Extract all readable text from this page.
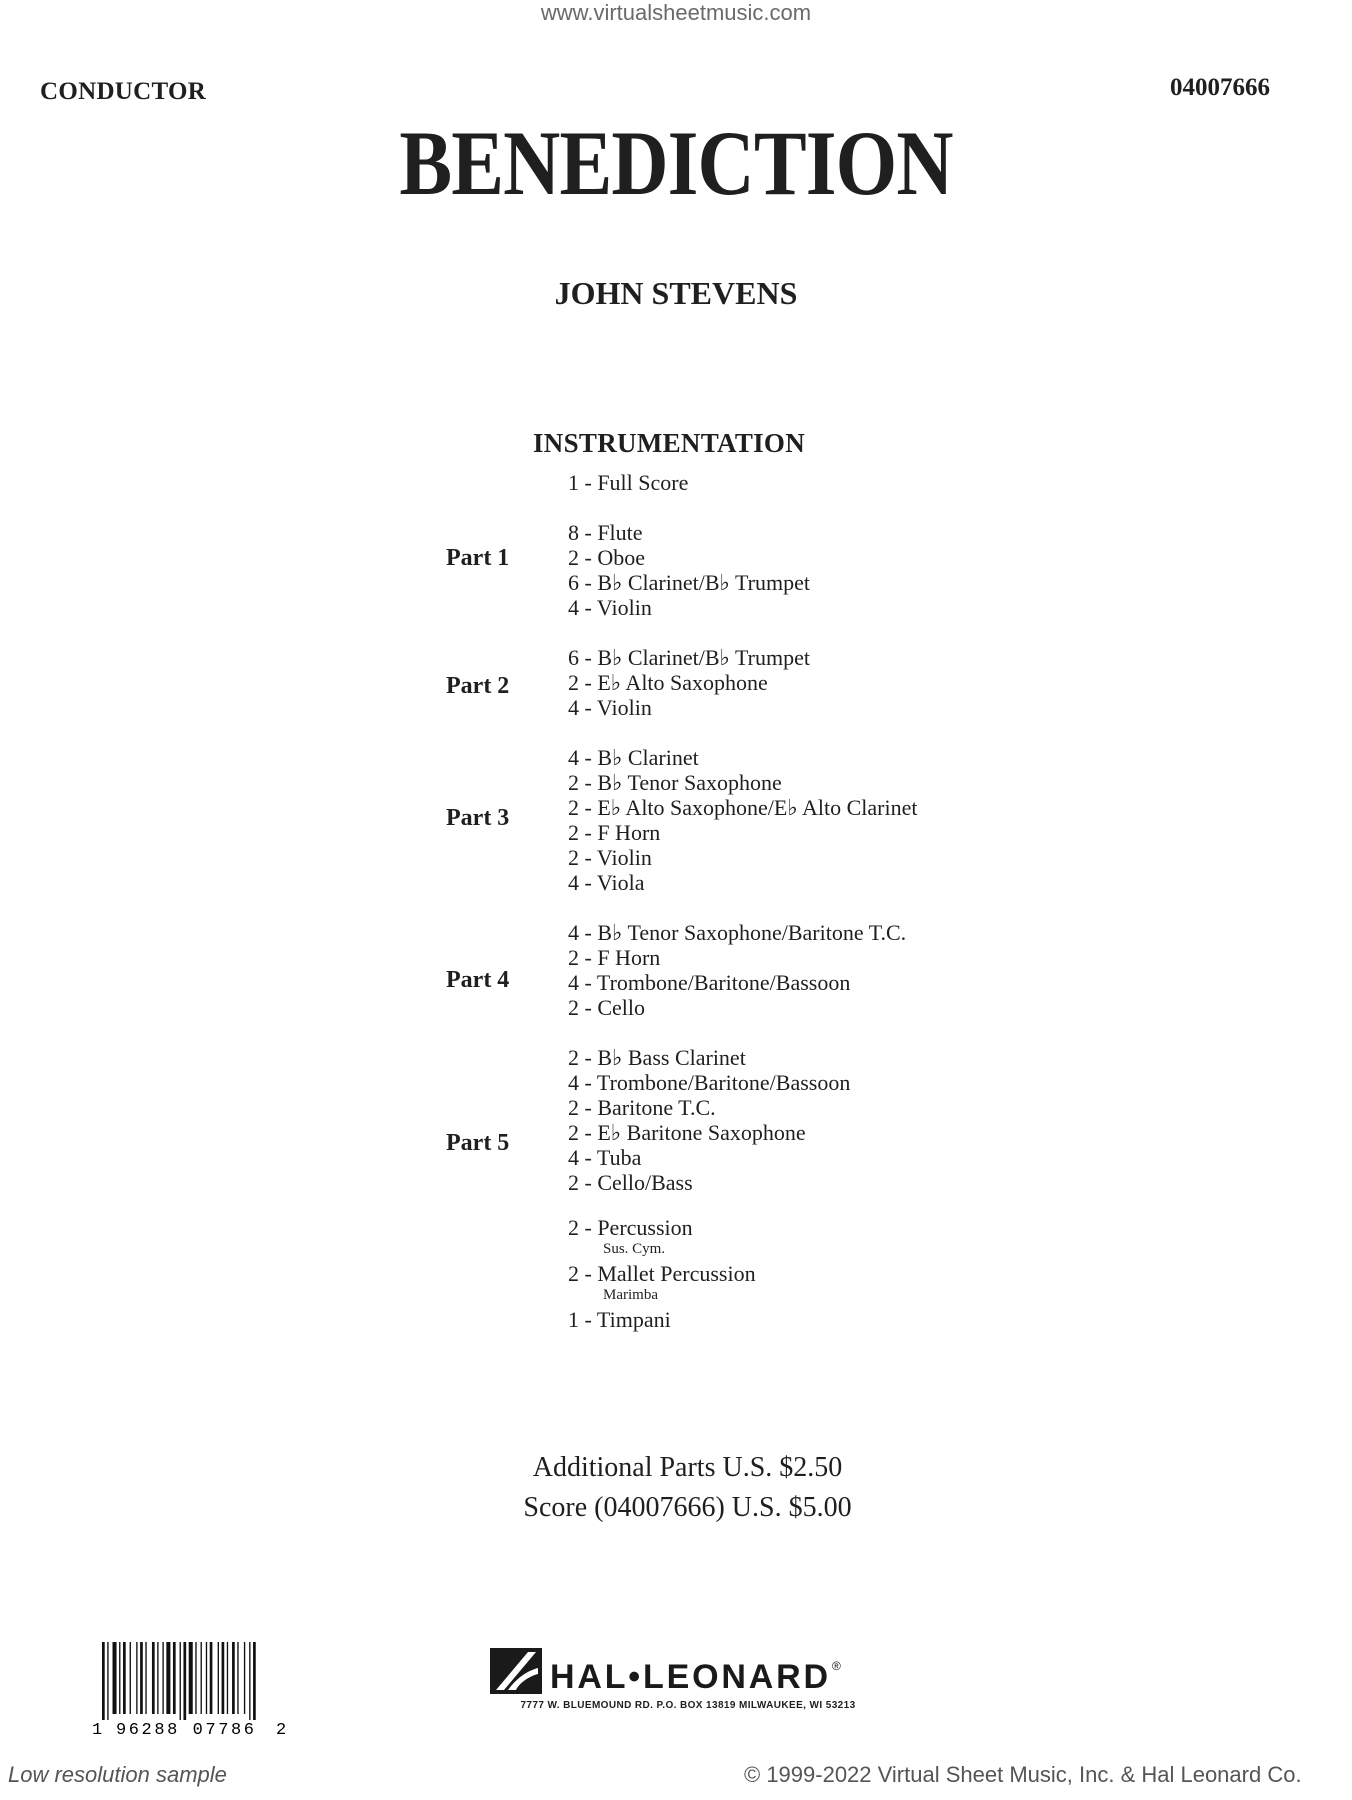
www.virtualsheetmusic.com
CONDUCTOR	04007666
BENEDICTION
JOHN STEVENS
INSTRUMENTATION
1 - Full Score
Part 1
8 - Flute
2 - Oboe
6 - B♭ Clarinet/B♭ Trumpet
4 - Violin
Part 2
6 - B♭ Clarinet/B♭ Trumpet
2 - E♭ Alto Saxophone
4 - Violin
Part 3
4 - B♭ Clarinet
2 - B♭ Tenor Saxophone
2 - E♭ Alto Saxophone/E♭ Alto Clarinet
2 - F Horn
2 - Violin
4 - Viola
Part 4
4 - B♭ Tenor Saxophone/Baritone T.C.
2 - F Horn
4 - Trombone/Baritone/Bassoon
2 - Cello
Part 5
2 - B♭ Bass Clarinet
4 - Trombone/Baritone/Bassoon
2 - Baritone T.C.
2 - E♭ Baritone Saxophone
4 - Tuba
2 - Cello/Bass
2 - Percussion
Sus. Cym.
2 - Mallet Percussion
Marimba
1 - Timpani
Additional Parts U.S. $2.50
Score (04007666) U.S. $5.00
1 96288 07786 2
HAL•LEONARD ®
7777 W. BLUEMOUND RD. P.O. BOX 13819 MILWAUKEE, WI 53213
Low resolution sample	© 1999-2022 Virtual Sheet Music, Inc. & Hal Leonard Co.
